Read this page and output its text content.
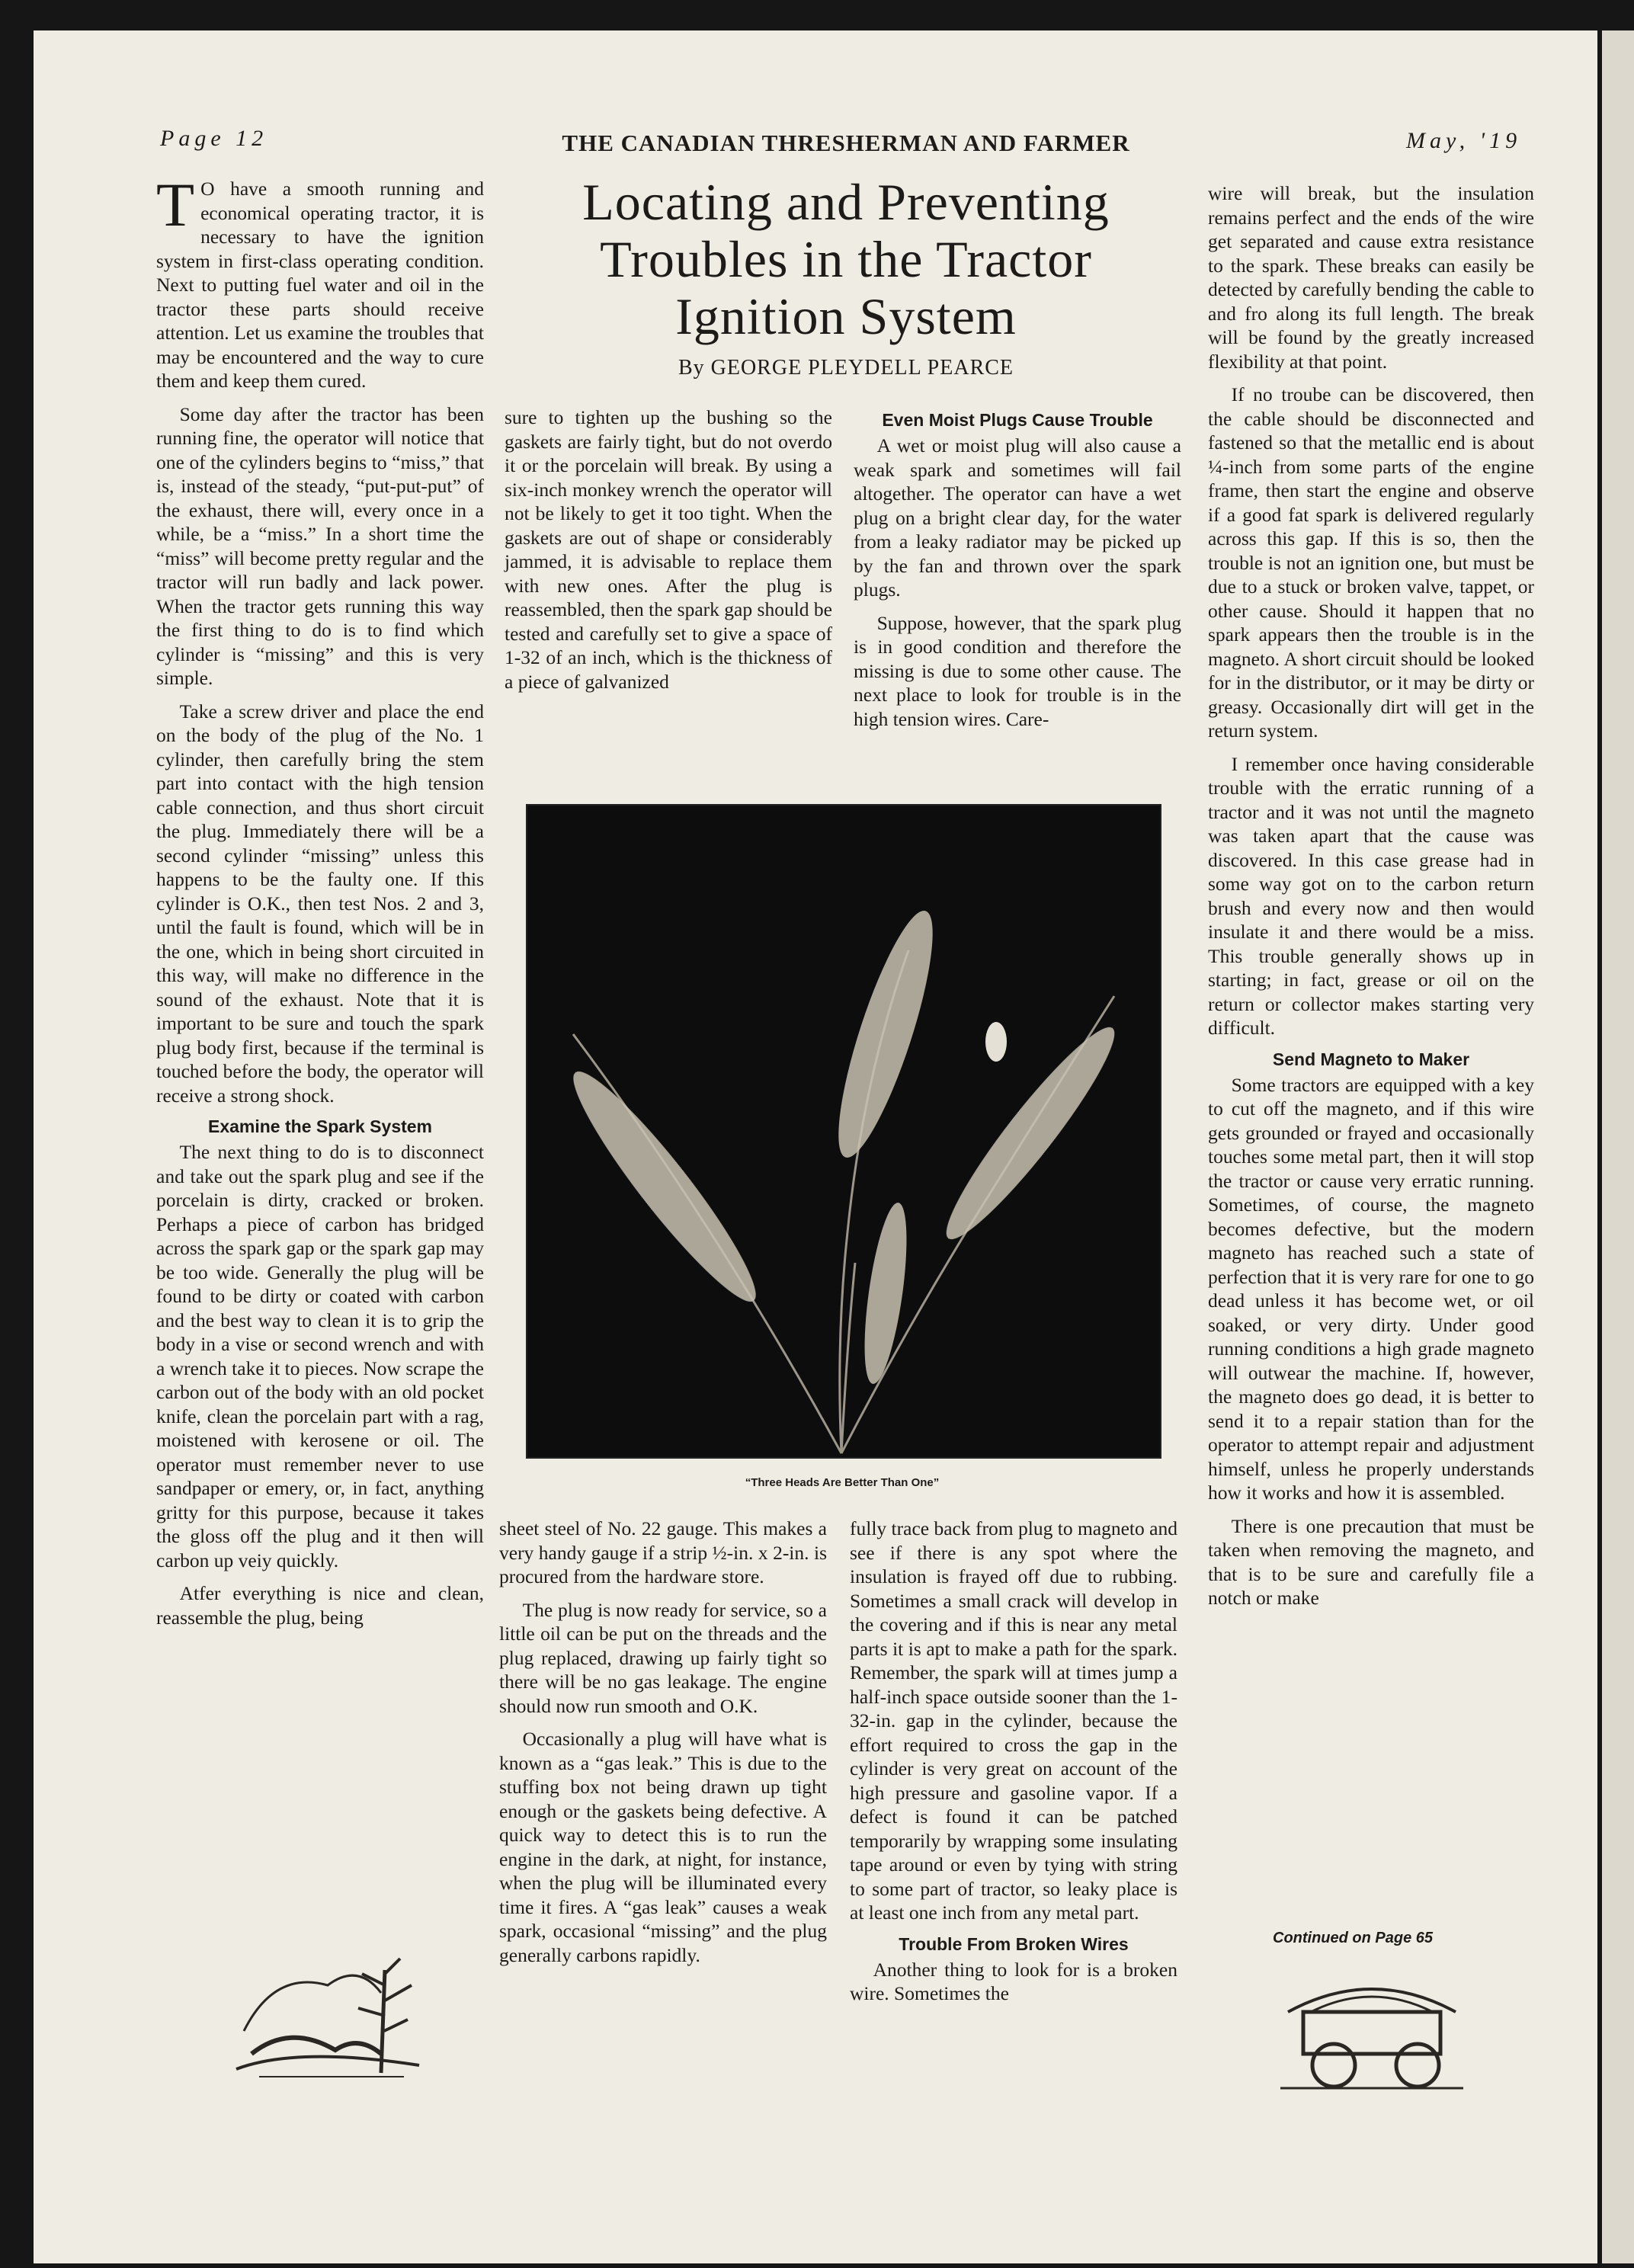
Page 12	THE CANADIAN THRESHERMAN AND FARMER	May, '19
Locating and Preventing
Troubles in the Tractor
Ignition System
By GEORGE PLEYDELL PEARCE

T O have a smooth running and economical operating tractor, it is necessary to have the ignition system in first-class operating condition. Next to putting fuel water and oil in the tractor these parts should receive attention. Let us examine the troubles that may be encountered and the way to cure them and keep them cured.

Some day after the tractor has been running fine, the operator will notice that one of the cylinders begins to “miss,” that is, instead of the steady, “put-put-put” of the exhaust, there will, every once in a while, be a “miss.” In a short time the “miss” will become pretty regular and the tractor will run badly and lack power. When the tractor gets running this way the first thing to do is to find which cylinder is “missing” and this is very simple.

Take a screw driver and place the end on the body of the plug of the No. 1 cylinder, then carefully bring the stem part into contact with the high tension cable connection, and thus short circuit the plug. Immediately there will be a second cylinder “missing” unless this happens to be the faulty one. If this cylinder is O.K., then test Nos. 2 and 3, until the fault is found, which will be in the one, which in being short circuited in this way, will make no difference in the sound of the exhaust. Note that it is important to be sure and touch the spark plug body first, because if the terminal is touched before the body, the operator will receive a strong shock.

Examine the Spark System

The next thing to do is to disconnect and take out the spark plug and see if the porcelain is dirty, cracked or broken. Perhaps a piece of carbon has bridged across the spark gap or the spark gap may be too wide. Generally the plug will be found to be dirty or coated with carbon and the best way to clean it is to grip the body in a vise or second wrench and with a wrench take it to pieces. Now scrape the carbon out of the body with an old pocket knife, clean the porcelain part with a rag, moistened with kerosene or oil. The operator must remember never to use sandpaper or emery, or, in fact, anything gritty for this purpose, because it takes the gloss off the plug and it then will carbon up veiy quickly.

Atfer everything is nice and clean, reassemble the plug, being

sure to tighten up the bushing so the gaskets are fairly tight, but do not overdo it or the porcelain will break. By using a six-inch monkey wrench the operator will not be likely to get it too tight. When the gaskets are out of shape or considerably jammed, it is advisable to replace them with new ones. After the plug is reassembled, then the spark gap should be tested and carefully set to give a space of 1-32 of an inch, which is the thickness of a piece of galvanized

Even Moist Plugs Cause Trouble

A wet or moist plug will also cause a weak spark and sometimes will fail altogether. The operator can have a wet plug on a bright clear day, for the water from a leaky radiator may be picked up by the fan and thrown over the spark plugs.

Suppose, however, that the spark plug is in good condition and therefore the missing is due to some other cause. The next place to look for trouble is in the high tension wires. Care-

“Three Heads Are Better Than One”

sheet steel of No. 22 gauge. This makes a very handy gauge if a strip ½-in. x 2-in. is procured from the hardware store.

The plug is now ready for service, so a little oil can be put on the threads and the plug replaced, drawing up fairly tight so there will be no gas leakage. The engine should now run smooth and O.K.

Occasionally a plug will have what is known as a “gas leak.” This is due to the stuffing box not being drawn up tight enough or the gaskets being defective. A quick way to detect this is to run the engine in the dark, at night, for instance, when the plug will be illuminated every time it fires. A “gas leak” causes a weak spark, occasional “missing” and the plug generally carbons rapidly.

fully trace back from plug to magneto and see if there is any spot where the insulation is frayed off due to rubbing. Sometimes a small crack will develop in the covering and if this is near any metal parts it is apt to make a path for the spark. Remember, the spark will at times jump a half-inch space outside sooner than the 1-32-in. gap in the cylinder, because the effort required to cross the gap in the cylinder is very great on account of the high pressure and gasoline vapor. If a defect is found it can be patched temporarily by wrapping some insulating tape around or even by tying with string to some part of tractor, so leaky place is at least one inch from any metal part.

Trouble From Broken Wires

Another thing to look for is a broken wire. Sometimes the

wire will break, but the insulation remains perfect and the ends of the wire get separated and cause extra resistance to the spark. These breaks can easily be detected by carefully bending the cable to and fro along its full length. The break will be found by the greatly increased flexibility at that point.

If no troube can be discovered, then the cable should be disconnected and fastened so that the metallic end is about ¼-inch from some parts of the engine frame, then start the engine and observe if a good fat spark is delivered regularly across this gap. If this is so, then the trouble is not an ignition one, but must be due to a stuck or broken valve, tappet, or other cause. Should it happen that no spark appears then the trouble is in the magneto. A short circuit should be looked for in the distributor, or it may be dirty or greasy. Occasionally dirt will get in the return system.

I remember once having considerable trouble with the erratic running of a tractor and it was not until the magneto was taken apart that the cause was discovered. In this case grease had in some way got on to the carbon return brush and every now and then would insulate it and there would be a miss. This trouble generally shows up in starting; in fact, grease or oil on the return or collector makes starting very difficult.

Send Magneto to Maker

Some tractors are equipped with a key to cut off the magneto, and if this wire gets grounded or frayed and occasionally touches some metal part, then it will stop the tractor or cause very erratic running. Sometimes, of course, the magneto becomes defective, but the modern magneto has reached such a state of perfection that it is very rare for one to go dead unless it has become wet, or oil soaked, or very dirty. Under good running conditions a high grade magneto will outwear the machine. If, however, the magneto does go dead, it is better to send it to a repair station than for the operator to attempt repair and adjustment himself, unless he properly understands how it works and how it is assembled.

There is one precaution that must be taken when removing the magneto, and that is to be sure and carefully file a notch or make

Continued on Page 65
